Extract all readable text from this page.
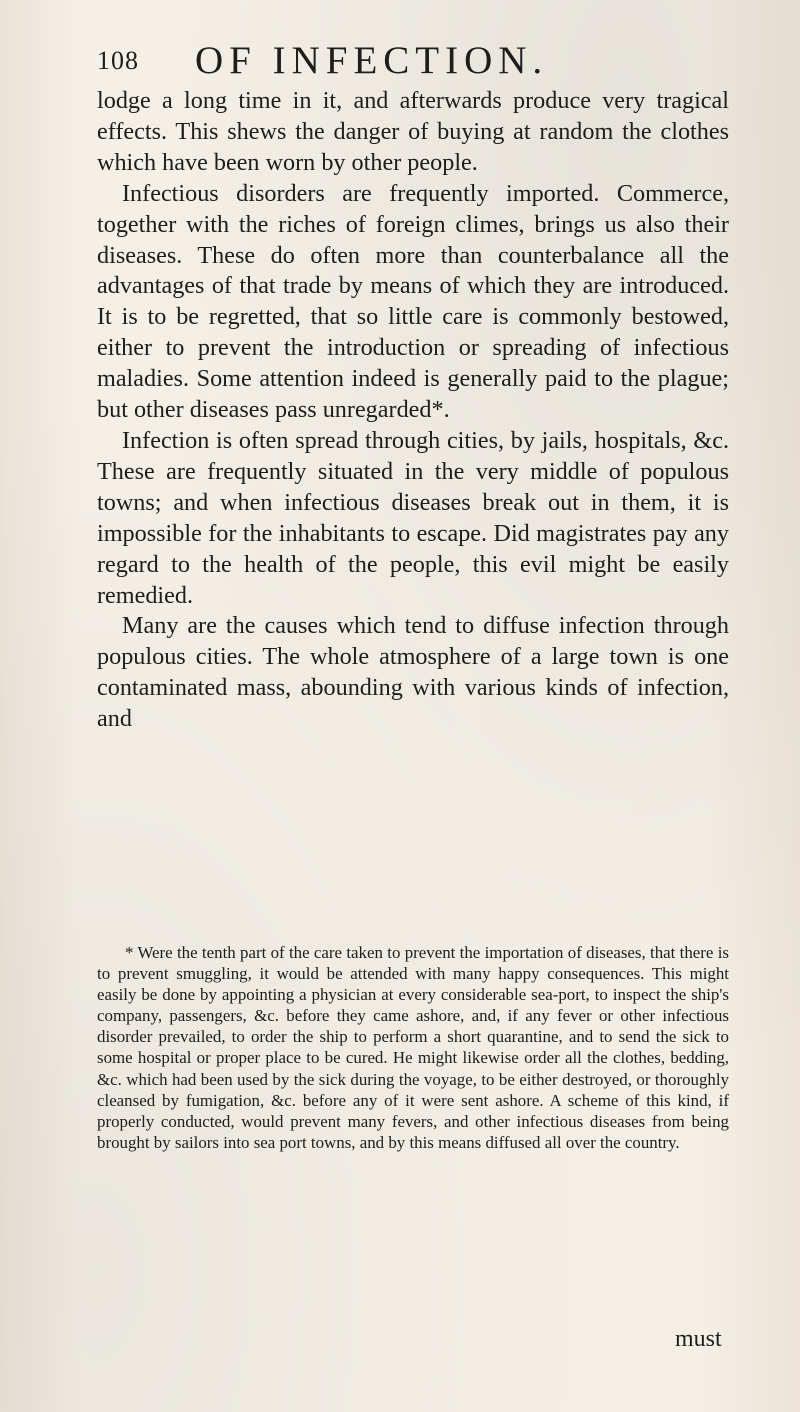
108 OF INFECTION.

lodge a long time in it, and afterwards produce very tragical effects. This shews the danger of buying at random the clothes which have been worn by other people.

Infectious disorders are frequently imported. Commerce, together with the riches of foreign climes, brings us also their diseases. These do often more than counterbalance all the advantages of that trade by means of which they are introduced. It is to be regretted, that so little care is commonly bestowed, either to prevent the introduction or spreading of infectious maladies. Some attention indeed is generally paid to the plague; but other diseases pass unregarded*.

Infection is often spread through cities, by jails, hospitals, &c. These are frequently situated in the very middle of populous towns; and when infectious diseases break out in them, it is impossible for the inhabitants to escape. Did magistrates pay any regard to the health of the people, this evil might be easily remedied.

Many are the causes which tend to diffuse infection through populous cities. The whole atmosphere of a large town is one contaminated mass, abounding with various kinds of infection, and

* Were the tenth part of the care taken to prevent the importation of diseases, that there is to prevent smuggling, it would be attended with many happy consequences. This might easily be done by appointing a physician at every considerable sea-port, to inspect the ship's company, passengers, &c. before they came ashore, and, if any fever or other infectious disorder prevailed, to order the ship to perform a short quarantine, and to send the sick to some hospital or proper place to be cured. He might likewise order all the clothes, bedding, &c. which had been used by the sick during the voyage, to be either destroyed, or thoroughly cleansed by fumigation, &c. before any of it were sent ashore. A scheme of this kind, if properly conducted, would prevent many fevers, and other infectious diseases from being brought by sailors into sea port towns, and by this means diffused all over the country.
must
